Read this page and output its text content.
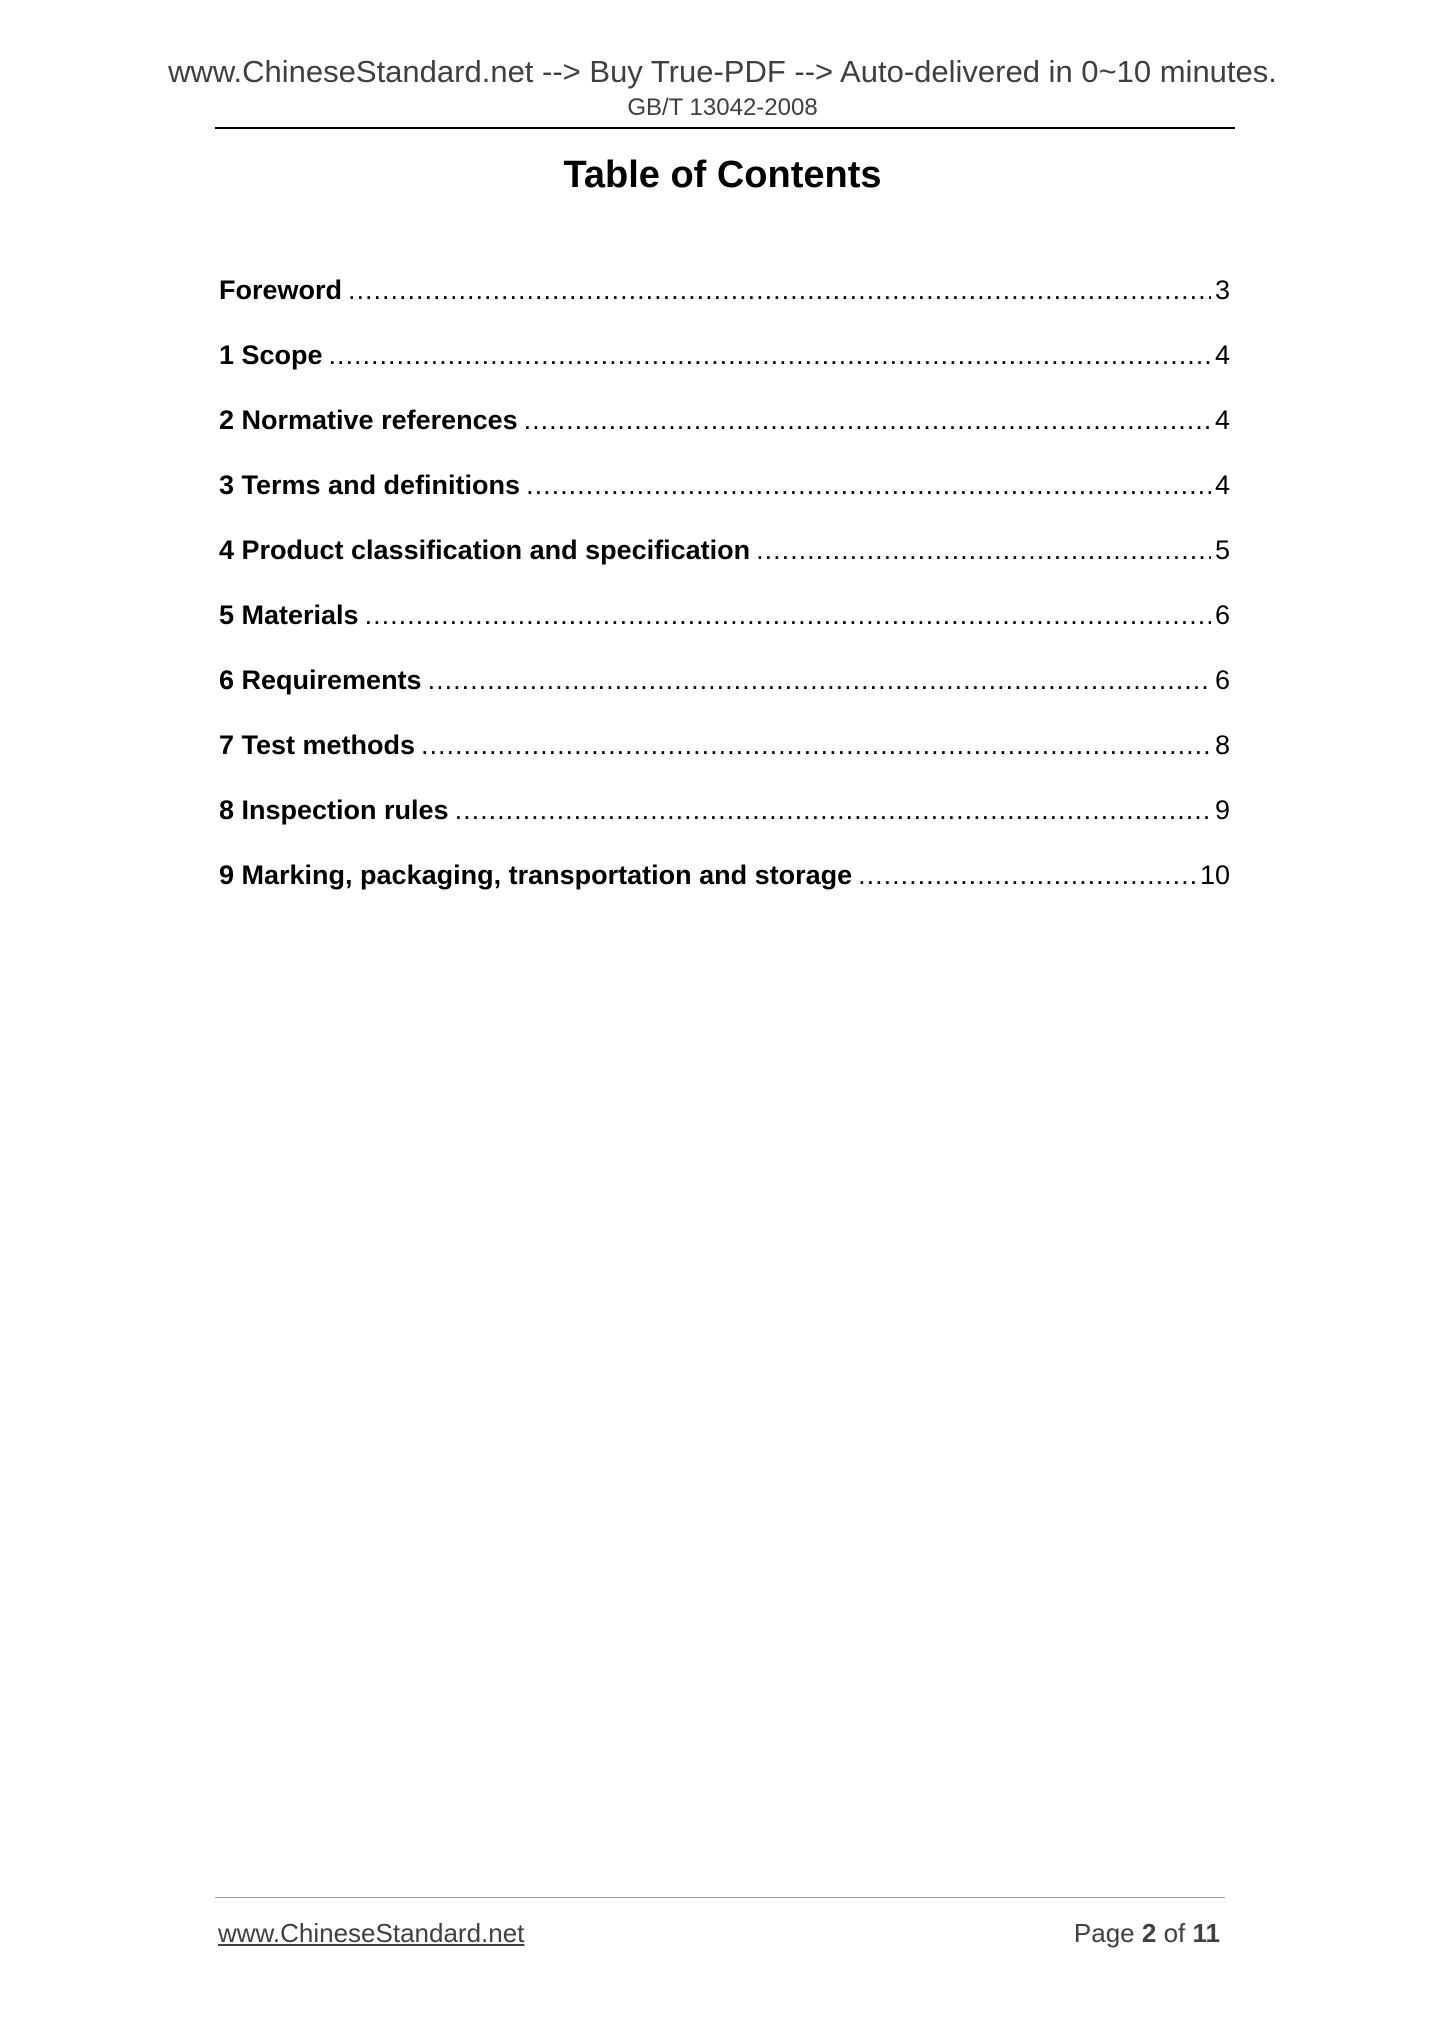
www.ChineseStandard.net --> Buy True-PDF --> Auto-delivered in 0~10 minutes.
GB/T 13042-2008
Table of Contents
Foreword .....	3
1 Scope .....	4
2 Normative references .....	4
3 Terms and definitions .....	4
4 Product classification and specification .....	5
5 Materials .....	6
6 Requirements .....	6
7 Test methods .....	8
8 Inspection rules .....	9
9 Marking, packaging, transportation and storage .....	10
www.ChineseStandard.net	Page 2 of 11
